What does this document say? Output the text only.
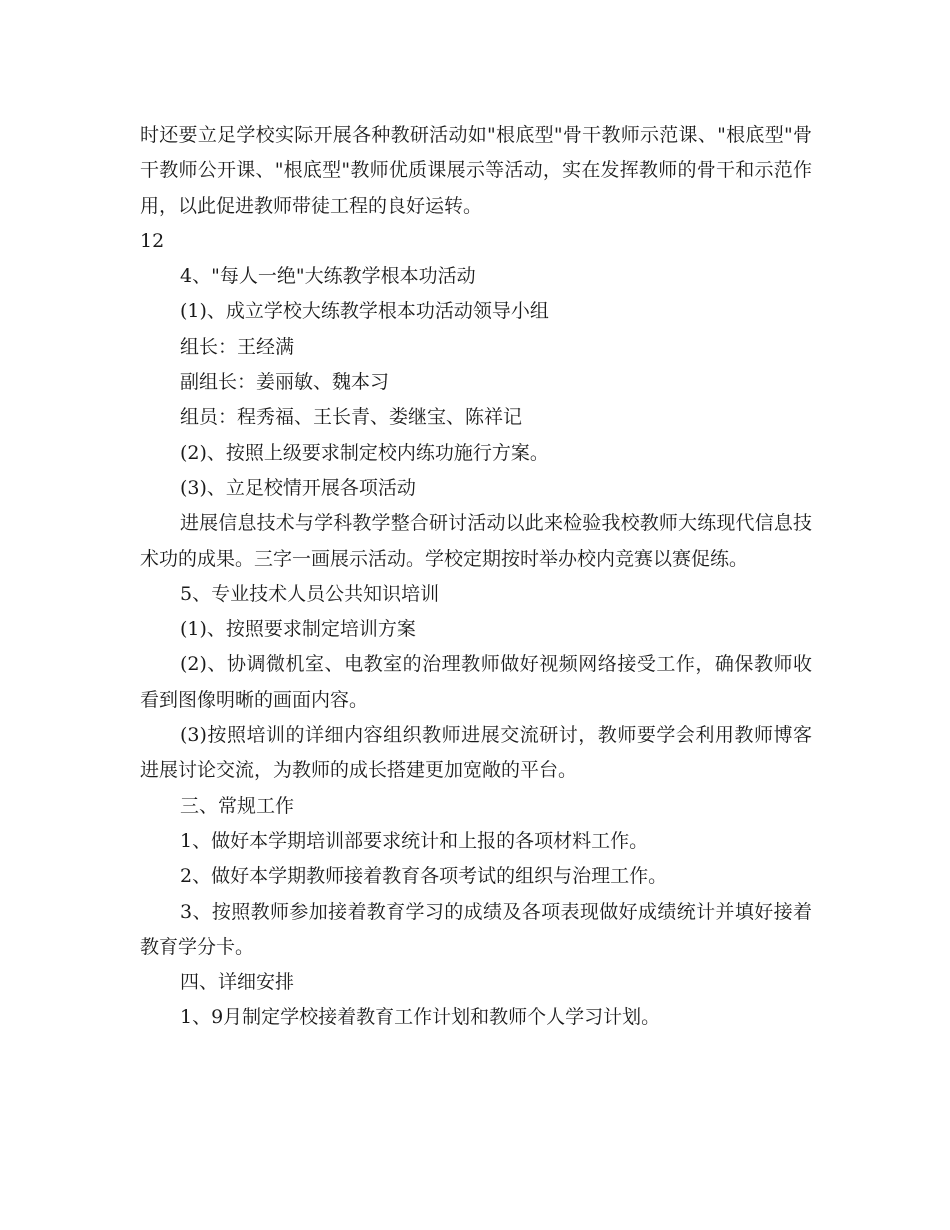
时还要立足学校实际开展各种教研活动如"根底型"骨干教师示范课、"根底型"骨干教师公开课、"根底型"教师优质课展示等活动，实在发挥教师的骨干和示范作用，以此促进教师带徒工程的良好运转。

12

4、"每人一绝"大练教学根本功活动

(1)、成立学校大练教学根本功活动领导小组

组长：王经满

副组长：姜丽敏、魏本习

组员：程秀福、王长青、娄继宝、陈祥记

(2)、按照上级要求制定校内练功施行方案。

(3)、立足校情开展各项活动

进展信息技术与学科教学整合研讨活动以此来检验我校教师大练现代信息技术功的成果。三字一画展示活动。学校定期按时举办校内竞赛以赛促练。

5、专业技术人员公共知识培训

(1)、按照要求制定培训方案

(2)、协调微机室、电教室的治理教师做好视频网络接受工作，确保教师收看到图像明晰的画面内容。

(3)按照培训的详细内容组织教师进展交流研讨，教师要学会利用教师博客进展讨论交流，为教师的成长搭建更加宽敞的平台。

三、常规工作

1、做好本学期培训部要求统计和上报的各项材料工作。

2、做好本学期教师接着教育各项考试的组织与治理工作。

3、按照教师参加接着教育学习的成绩及各项表现做好成绩统计并填好接着教育学分卡。

四、详细安排

1、9月制定学校接着教育工作计划和教师个人学习计划。
